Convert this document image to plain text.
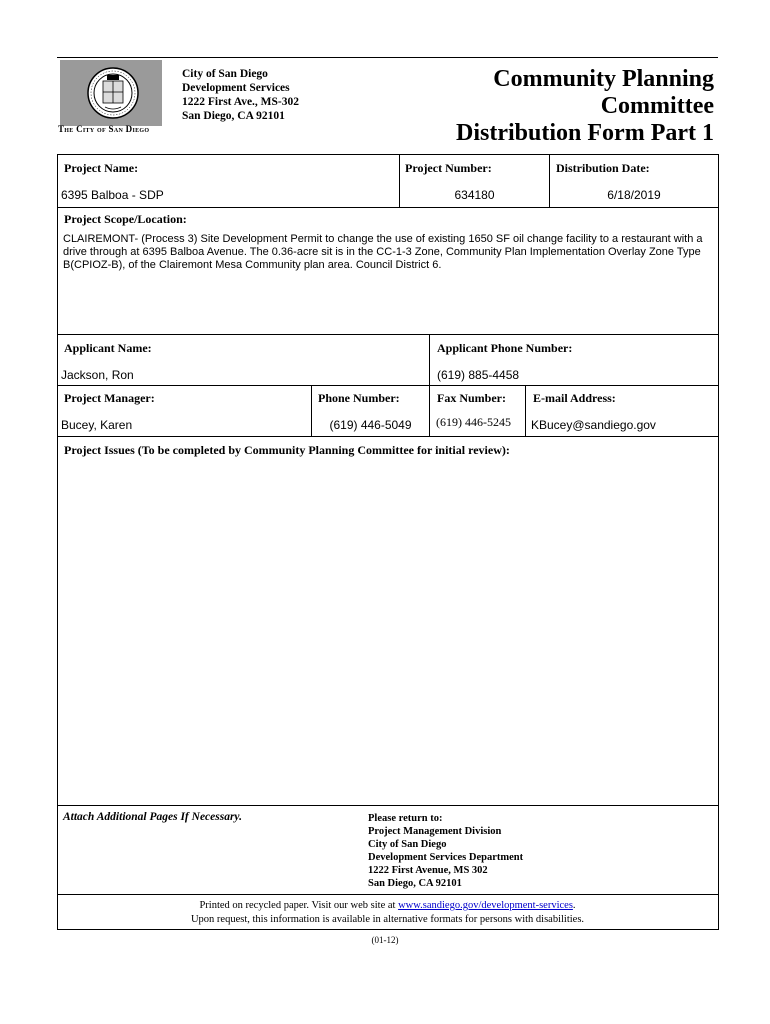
The City of San Diego
City of San Diego
Development Services
1222 First Ave., MS-302
San Diego, CA 92101
Community Planning
Committee
Distribution Form Part 1
Project Name:	Project Number:	Distribution Date:
6395 Balboa - SDP	634180	6/18/2019
Project Scope/Location:
CLAIREMONT- (Process 3) Site Development Permit to change the use of existing 1650 SF oil change facility to a restaurant with a drive through at 6395 Balboa Avenue. The 0.36-acre sit is in the CC-1-3 Zone, Community Plan Implementation Overlay Zone Type B(CPIOZ-B), of the Clairemont Mesa Community plan area. Council District 6.
Applicant Name:	Applicant Phone Number:
Jackson, Ron	(619) 885-4458
Project Manager:	Phone Number:	Fax Number: E-mail Address:
Bucey, Karen	(619) 446-5049	(619) 446-5245 KBucey@sandiego.gov
Project Issues (To be completed by Community Planning Committee for initial review):
Attach Additional Pages If Necessary.	Please return to:
Project Management Division
City of San Diego
Development Services Department
1222 First Avenue, MS 302
San Diego, CA 92101
Printed on recycled paper. Visit our web site at www.sandiego.gov/development-services.
Upon request, this information is available in alternative formats for persons with disabilities.
(01-12)
